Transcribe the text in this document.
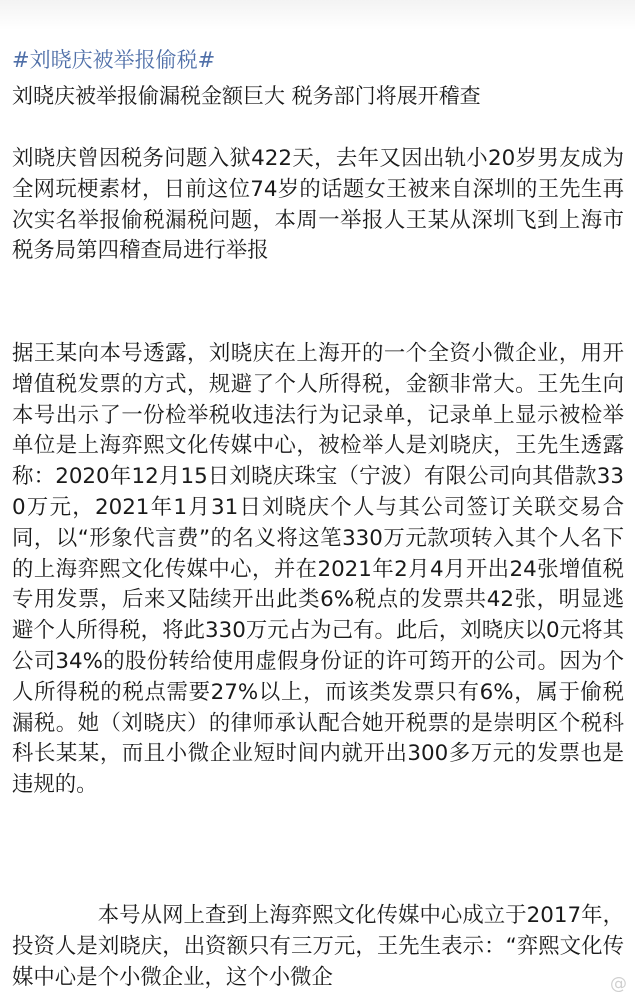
#刘晓庆被举报偷税#
刘晓庆被举报偷漏税金额巨大 税务部门将展开稽查

刘晓庆曾因税务问题入狱422天，去年又因出轨小20岁男友成为全网玩梗素材，日前这位74岁的话题女王被来自深圳的王先生再次实名举报偷税漏税问题，本周一举报人王某从深圳飞到上海市税务局第四稽查局进行举报

据王某向本号透露，刘晓庆在上海开的一个全资小微企业，用开增值税发票的方式，规避了个人所得税，金额非常大。王先生向本号出示了一份检举税收违法行为记录单，记录单上显示被检举单位是上海弈熙文化传媒中心，被检举人是刘晓庆，王先生透露称：2020年12月15日刘晓庆珠宝（宁波）有限公司向其借款330万元，2021年1月31日刘晓庆个人与其公司签订关联交易合同，以“形象代言费”的名义将这笔330万元款项转入其个人名下的上海弈熙文化传媒中心，并在2021年2月4月开出24张增值税专用发票，后来又陆续开出此类6%税点的发票共42张，明显逃避个人所得税，将此330万元占为己有。此后，刘晓庆以0元将其公司34%的股份转给使用虚假身份证的许可筠开的公司。因为个人所得税的税点需要27%以上，而该类发票只有6%，属于偷税漏税。她（刘晓庆）的律师承认配合她开税票的是崇明区个税科科长某某，而且小微企业短时间内就开出300多万元的发票也是违规的。

　　　　本号从网上查到上海弈熙文化传媒中心成立于2017年，投资人是刘晓庆，出资额只有三万元，王先生表示：“弈熙文化传媒中心是个小微企业，这个小微企	@
